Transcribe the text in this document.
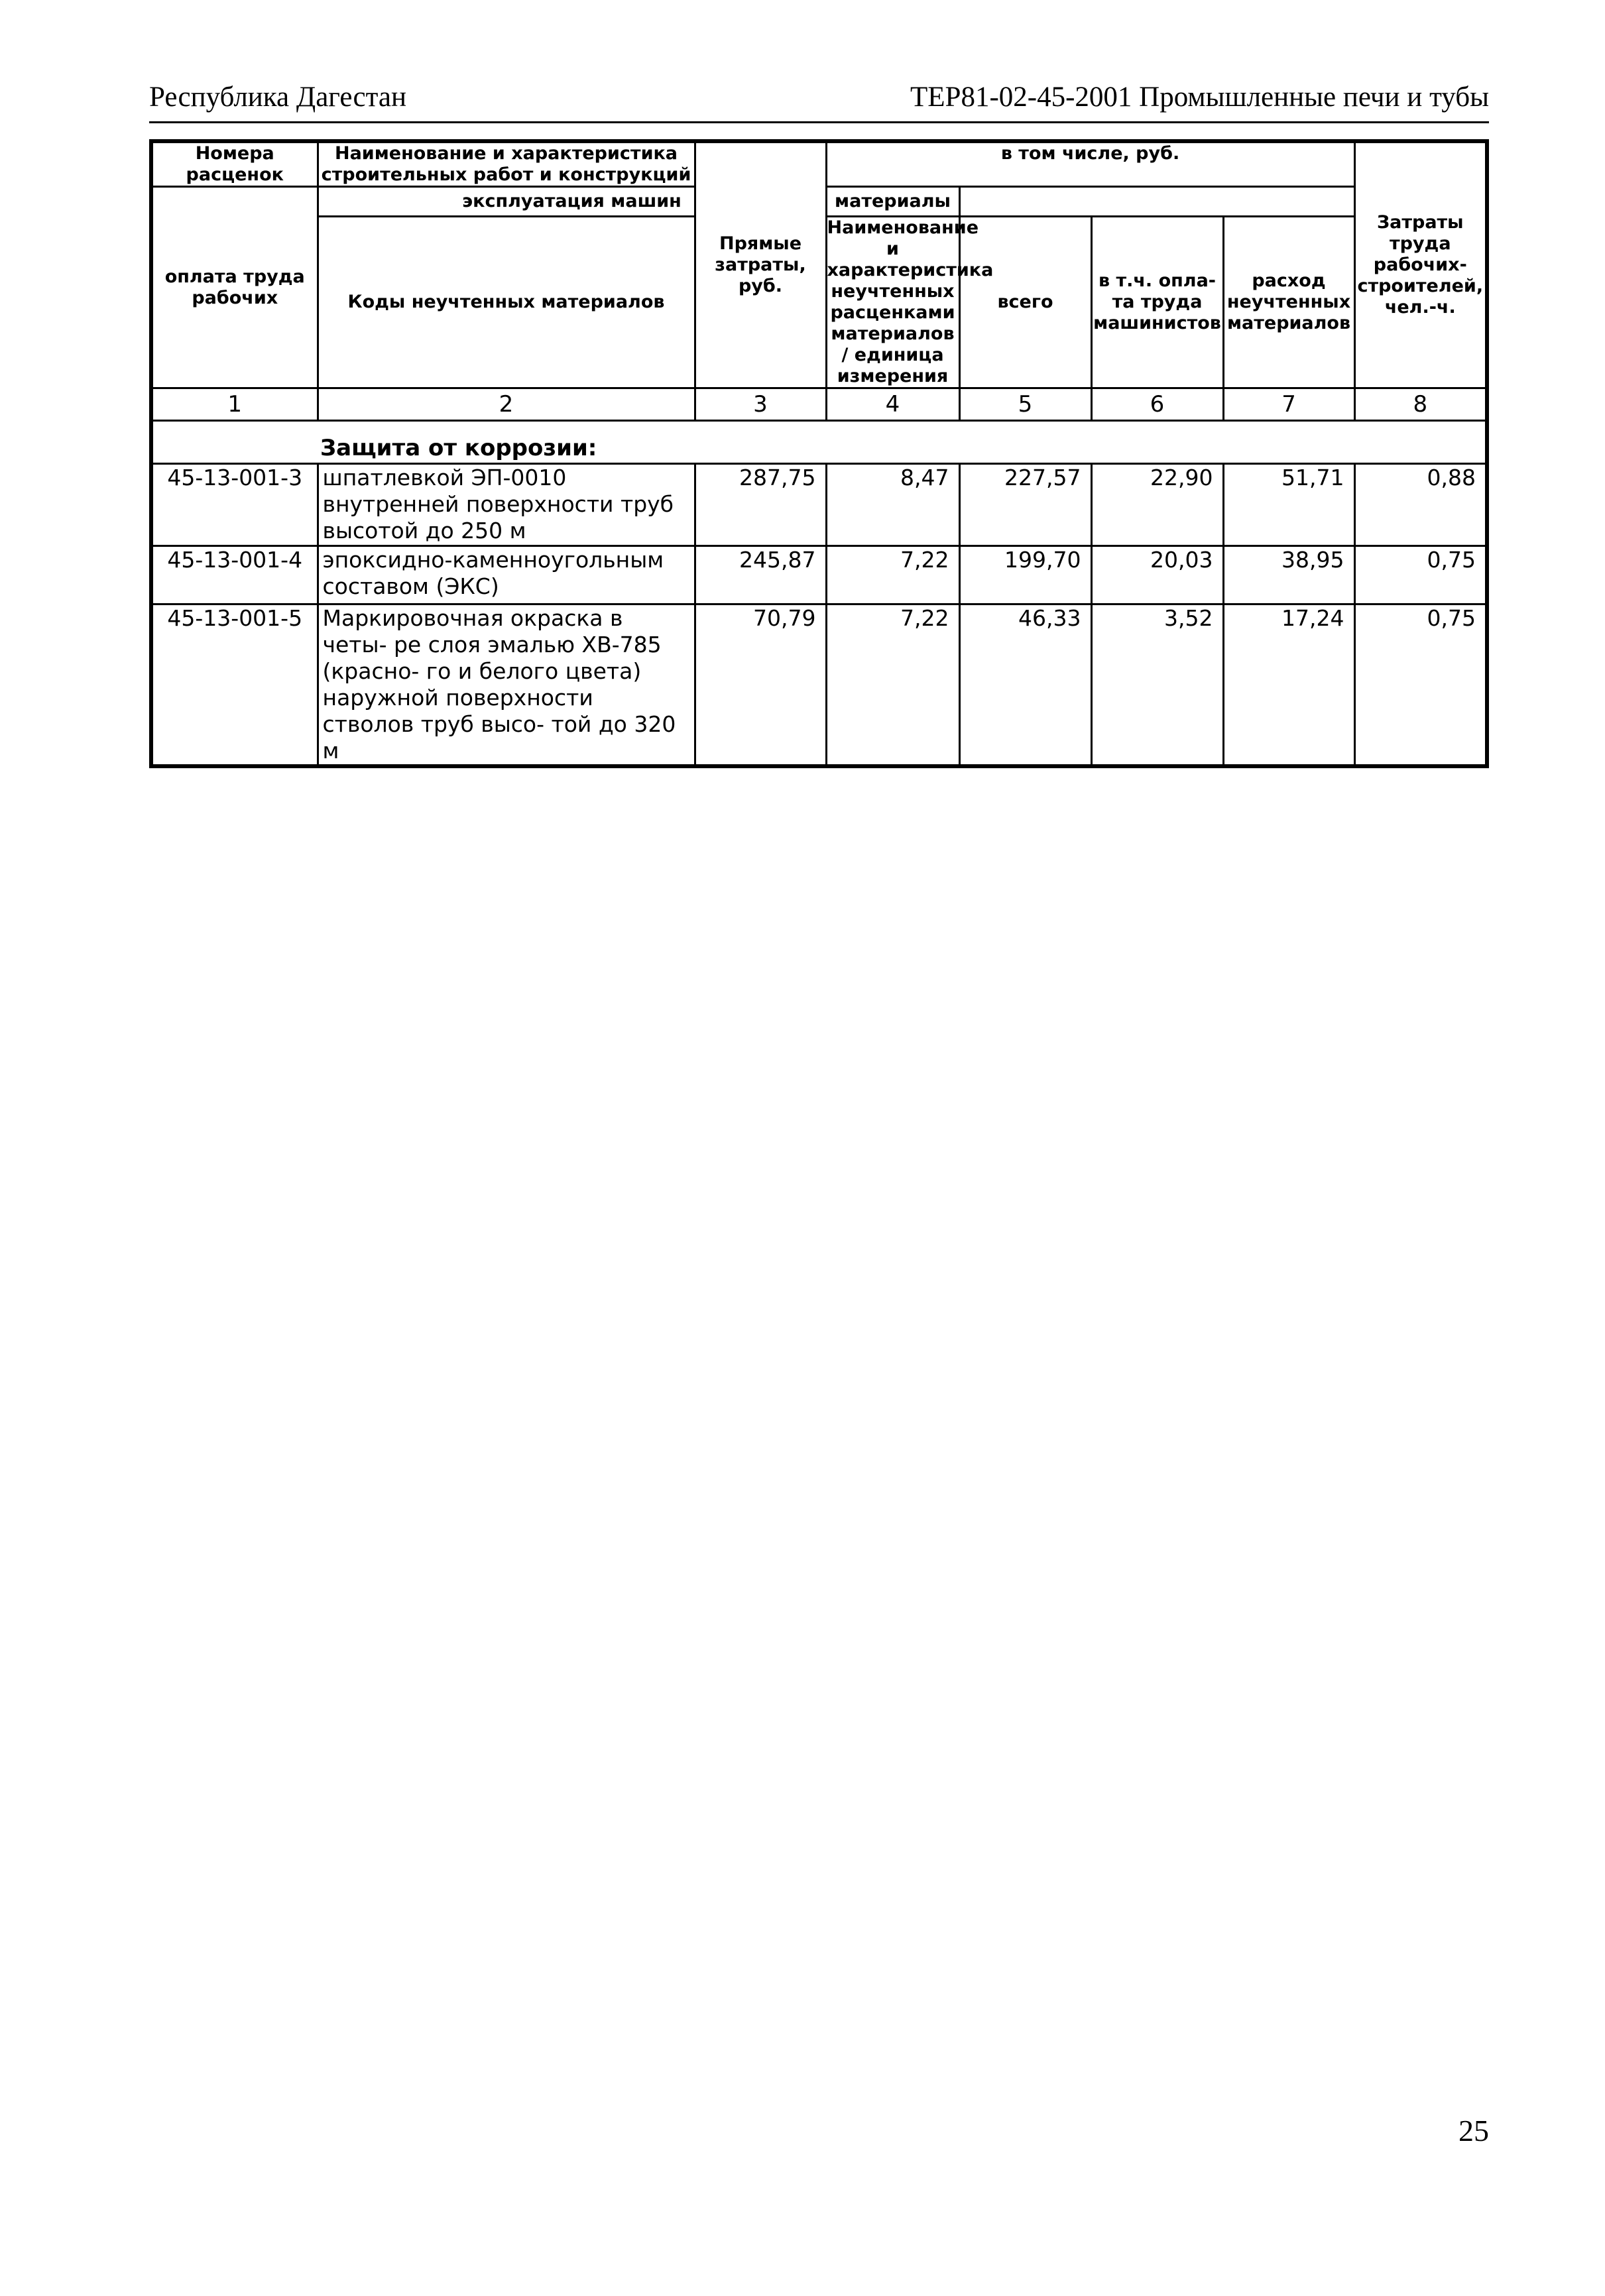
Республика Дагестан	ТЕР81-02-45-2001 Промышленные печи и тубы
Номера расценок	Наименование и характеристика строительных работ и конструкций	Прямые затраты, руб.	в том числе, руб.				Затраты труда рабочих- строителей, чел.-ч.
оплата труда рабочих	эксплуатация машин		материалы				
	Коды неучтенных материалов		Наименование и характеристика неучтенных расценками материалов / единица измерения	всего	в т.ч. опла- та труда машинистов	расход неучтенных материалов	

1	2	3	4	5	6	7	8
	Защита от коррозии:						
45-13-001-3	шпатлевкой ЭП-0010 внутренней поверхности труб высотой до 250 м	287,75	8,47	227,57	22,90	51,71	0,88
45-13-001-4	эпоксидно-каменноугольным составом (ЭКС)	245,87	7,22	199,70	20,03	38,95	0,75
45-13-001-5	Маркировочная окраска в четы- ре слоя эмалью ХВ-785 (красно- го и белого цвета) наружной поверхности стволов труб высо- той до 320 м	70,79	7,22	46,33	3,52	17,24	0,75
25
